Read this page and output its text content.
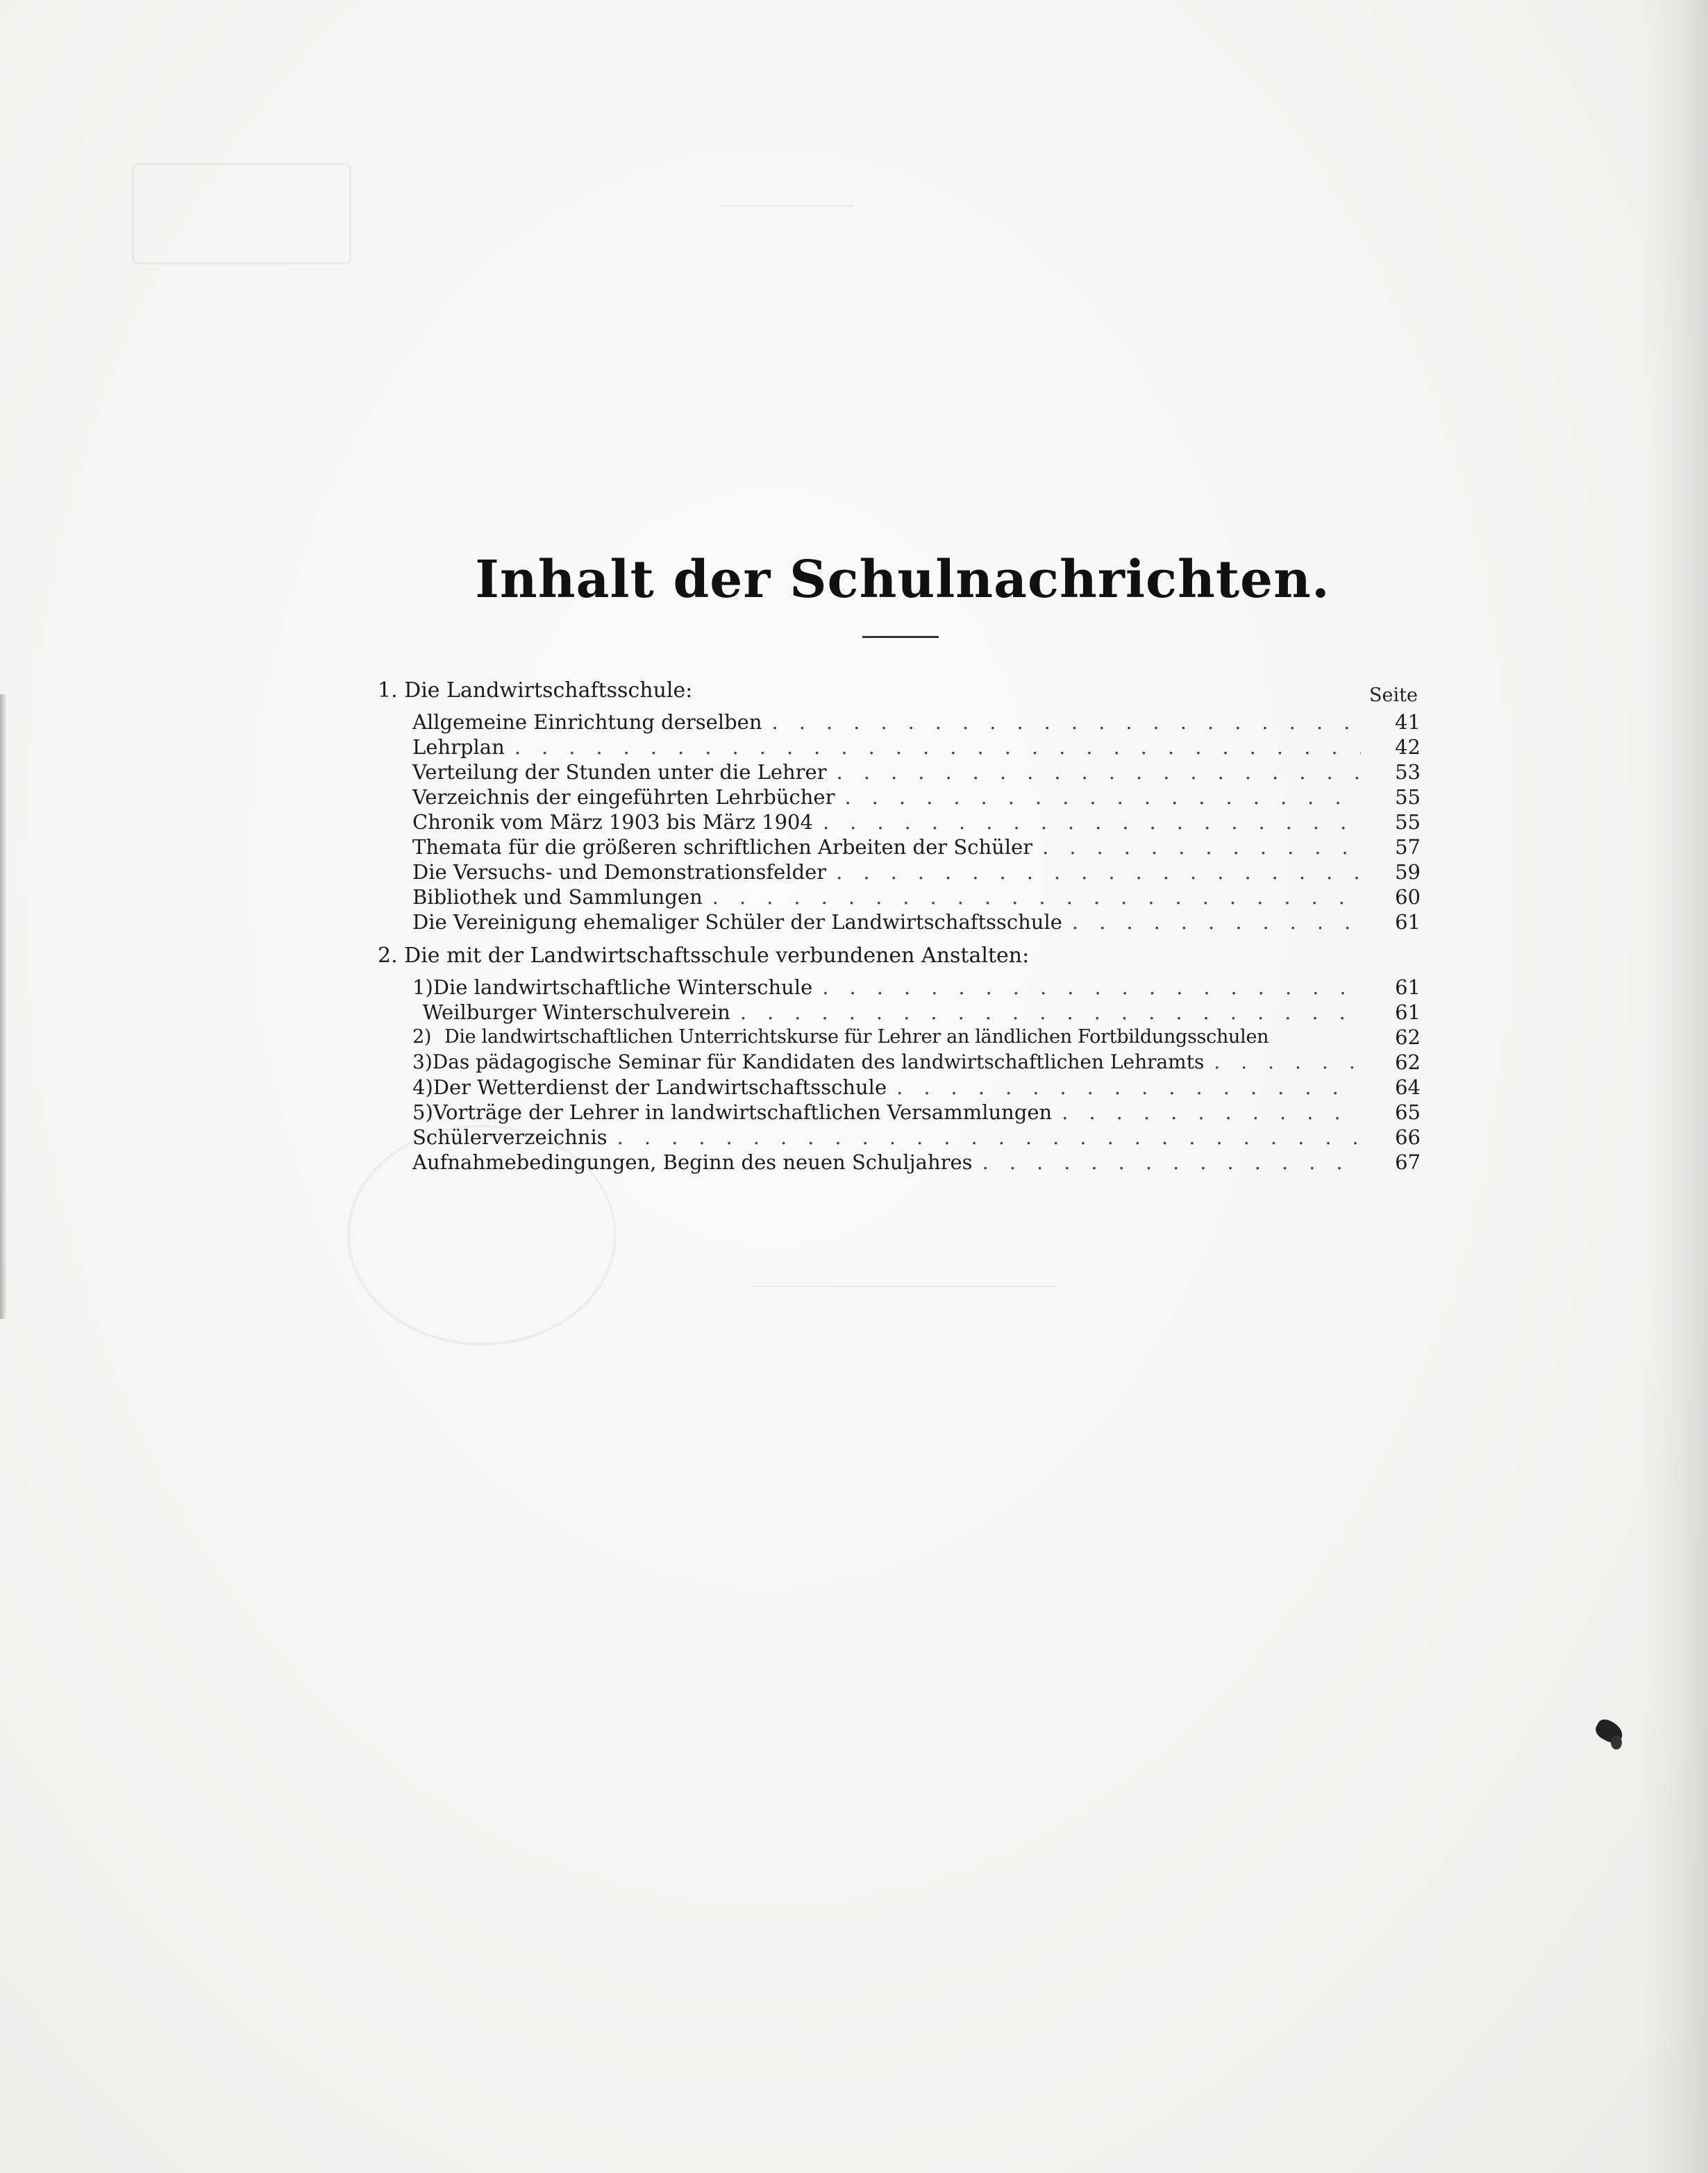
Inhalt der Schulnachrichten.
Seite
1. Die Landwirtschaftsschule:
Allgemeine Einrichtung derselben .....	41
Lehrplan .....	42
Verteilung der Stunden unter die Lehrer .....	53
Verzeichnis der eingeführten Lehrbücher .....	55
Chronik vom März 1903 bis März 1904 .....	55
Themata für die größeren schriftlichen Arbeiten der Schüler .....	57
Die Versuchs- und Demonstrationsfelder .....	59
Bibliothek und Sammlungen .....	60
Die Vereinigung ehemaliger Schüler der Landwirtschaftsschule .....	61
2. Die mit der Landwirtschaftsschule verbundenen Anstalten:
1) Die landwirtschaftliche Winterschule .....	61
Weilburger Winterschulverein .....	61
2) Die landwirtschaftlichen Unterrichtskurse für Lehrer an ländlichen Fortbildungsschulen	62
3) Das pädagogische Seminar für Kandidaten des landwirtschaftlichen Lehramts .....	62
4) Der Wetterdienst der Landwirtschaftsschule .....	64
5) Vorträge der Lehrer in landwirtschaftlichen Versammlungen .....	65
Schülerverzeichnis .....	66
Aufnahmebedingungen, Beginn des neuen Schuljahres .....	67
